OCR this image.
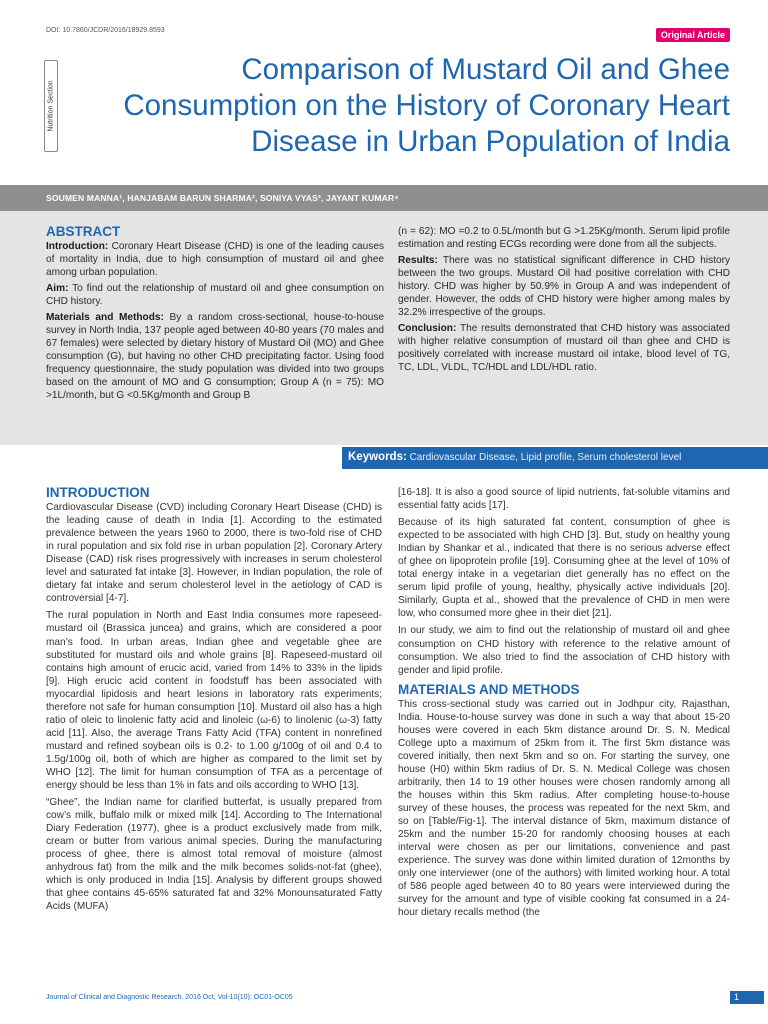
DOI: 10.7860/JCDR/2016/18929.8593	Original Article
Nutrition Section
Comparison of Mustard Oil and Ghee Consumption on the History of Coronary Heart Disease in Urban Population of India
SOUMEN MANNA¹, HANJABAM BARUN SHARMA², SONIYA VYAS³, JAYANT KUMAR⁴
ABSTRACT

Introduction: Coronary Heart Disease (CHD) is one of the leading causes of mortality in India, due to high consumption of mustard oil and ghee among urban population.

Aim: To find out the relationship of mustard oil and ghee consumption on CHD history.

Materials and Methods: By a random cross-sectional, house-to-house survey in North India, 137 people aged between 40-80 years (70 males and 67 females) were selected by dietary history of Mustard Oil (MO) and Ghee consumption (G), but having no other CHD precipitating factor. Using food frequency questionnaire, the study population was divided into two groups based on the amount of MO and G consumption; Group A (n = 75): MO >1L/month, but G <0.5Kg/month and Group B

(n = 62): MO =0.2 to 0.5L/month but G >1.25Kg/month. Serum lipid profile estimation and resting ECGs recording were done from all the subjects.

Results: There was no statistical significant difference in CHD history between the two groups. Mustard Oil had positive correlation with CHD history. CHD was higher by 50.9% in Group A and was independent of gender. However, the odds of CHD history were higher among males by 32.2% irrespective of the groups.

Conclusion: The results demonstrated that CHD history was associated with higher relative consumption of mustard oil than ghee and CHD is positively correlated with increase mustard oil intake, blood level of TG, TC, LDL, VLDL, TC/HDL and LDL/HDL ratio.

Keywords: Cardiovascular Disease, Lipid profile, Serum cholesterol level
INTRODUCTION

Cardiovascular Disease (CVD) including Coronary Heart Disease (CHD) is the leading cause of death in India [1]. According to the estimated prevalence between the years 1960 to 2000, there is two-fold rise of CHD in rural population and six fold rise in urban population [2]. Coronary Artery Disease (CAD) risk rises progressively with increases in serum cholesterol level and saturated fat intake [3]. However, in Indian population, the role of dietary fat intake and serum cholesterol level in the aetiology of CAD is controversial [4-7].

The rural population in North and East India consumes more rapeseed-mustard oil (Brassica juncea) and grains, which are considered a poor man’s food. In urban areas, Indian ghee and vegetable ghee are substituted for mustard oils and whole grains [8]. Rapeseed-mustard oil contains high amount of erucic acid, varied from 14% to 33% in the lipids [9]. High erucic acid content in foodstuff has been associated with myocardial lipidosis and heart lesions in laboratory rats experiments; therefore not safe for human consumption [10]. Mustard oil also has a high ratio of oleic to linolenic fatty acid and linoleic (ω-6) to linolenic (ω-3) fatty acid [11]. Also, the average Trans Fatty Acid (TFA) content in nonrefined mustard and refined soybean oils is 0.2- to 1.00 g/100g of oil and 0.4 to 1.5g/100g oil, both of which are higher as compared to the limit set by WHO [12]. The limit for human consumption of TFA as a percentage of energy should be less than 1% in fats and oils according to WHO [13].

“Ghee”, the Indian name for clarified butterfat, is usually prepared from cow’s milk, buffalo milk or mixed milk [14]. According to The International Diary Federation (1977), ghee is a product exclusively made from milk, cream or butter from various animal species. During the manufacturing process of ghee, there is almost total removal of moisture (almost anhydrous fat) from the milk and the milk becomes solids-not-fat (ghee), which is only produced in India [15]. Analysis by different groups showed that ghee contains 45-65% saturated fat and 32% Monounsaturated Fatty Acids (MUFA)

[16-18]. It is also a good source of lipid nutrients, fat-soluble vitamins and essential fatty acids [17].

Because of its high saturated fat content, consumption of ghee is expected to be associated with high CHD [3]. But, study on healthy young Indian by Shankar et al., indicated that there is no serious adverse effect of ghee on lipoprotein profile [19]. Consuming ghee at the level of 10% of total energy intake in a vegetarian diet generally has no effect on the serum lipid profile of young, healthy, physically active individuals [20]. Similarly, Gupta et al., showed that the prevalence of CHD in men were low, who consumed more ghee in their diet [21].

In our study, we aim to find out the relationship of mustard oil and ghee consumption on CHD history with reference to the relative amount of consumption. We also tried to find the association of CHD history with gender and lipid profile.

MATERIALS AND METHODS

This cross-sectional study was carried out in Jodhpur city, Rajasthan, India. House-to-house survey was done in such a way that about 15-20 houses were covered in each 5km distance around Dr. S. N. Medical College upto a maximum of 25km from it. The first 5km distance was covered initially, then next 5km and so on. For starting the survey, one house (H0) within 5km radius of Dr. S. N. Medical College was chosen arbitrarily, then 14 to 19 other houses were chosen randomly among all the houses within this 5km radius. After completing house-to-house survey of these houses, the process was repeated for the next 5km, and so on [Table/Fig-1]. The interval distance of 5km, maximum distance of 25km and the number 15-20 for randomly choosing houses at each interval were chosen as per our limitations, convenience and past experience. The survey was done within limited duration of 12months by only one interviewer (one of the authors) with limited working hour. A total of 586 people aged between 40 to 80 years were interviewed during the survey for the amount and type of visible cooking fat consumed in a 24-hour dietary recalls method (the

Journal of Clinical and Diagnostic Research. 2016 Oct, Vol-10(10): OC01-OC05	1
